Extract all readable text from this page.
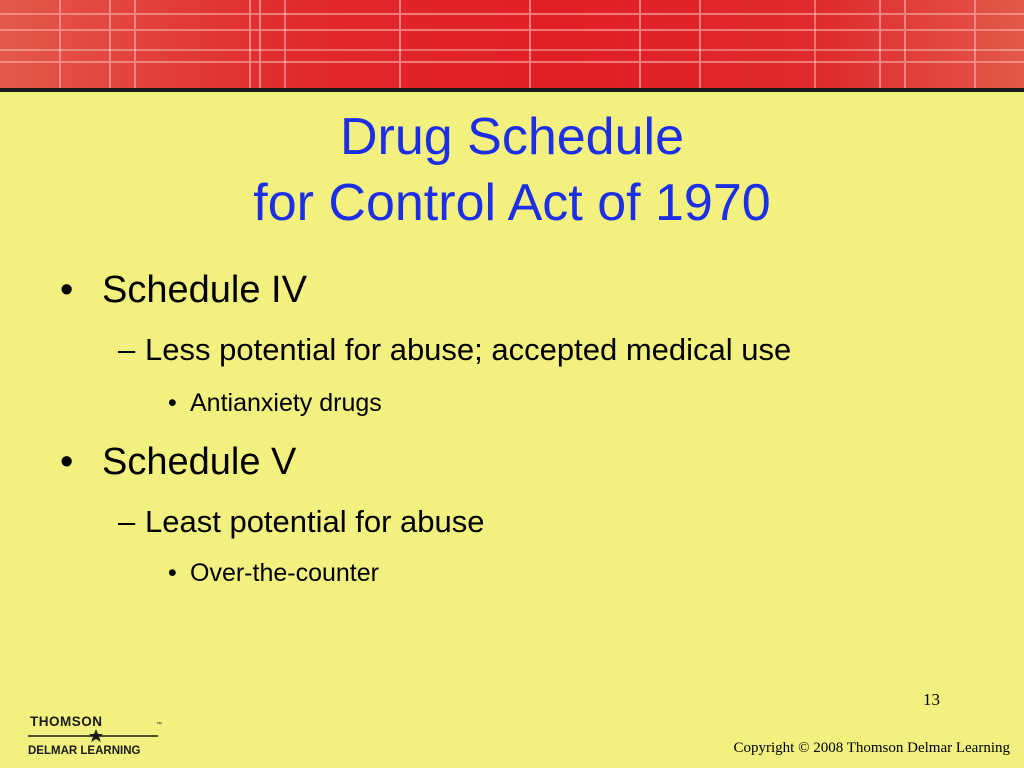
Drug Schedule
for Control Act of 1970
• Schedule IV
– Less potential for abuse; accepted medical use
• Antianxiety drugs
• Schedule V
– Least potential for abuse
• Over-the-counter
13
THOMSON
DELMAR LEARNING
™
Copyright © 2008 Thomson Delmar Learning
